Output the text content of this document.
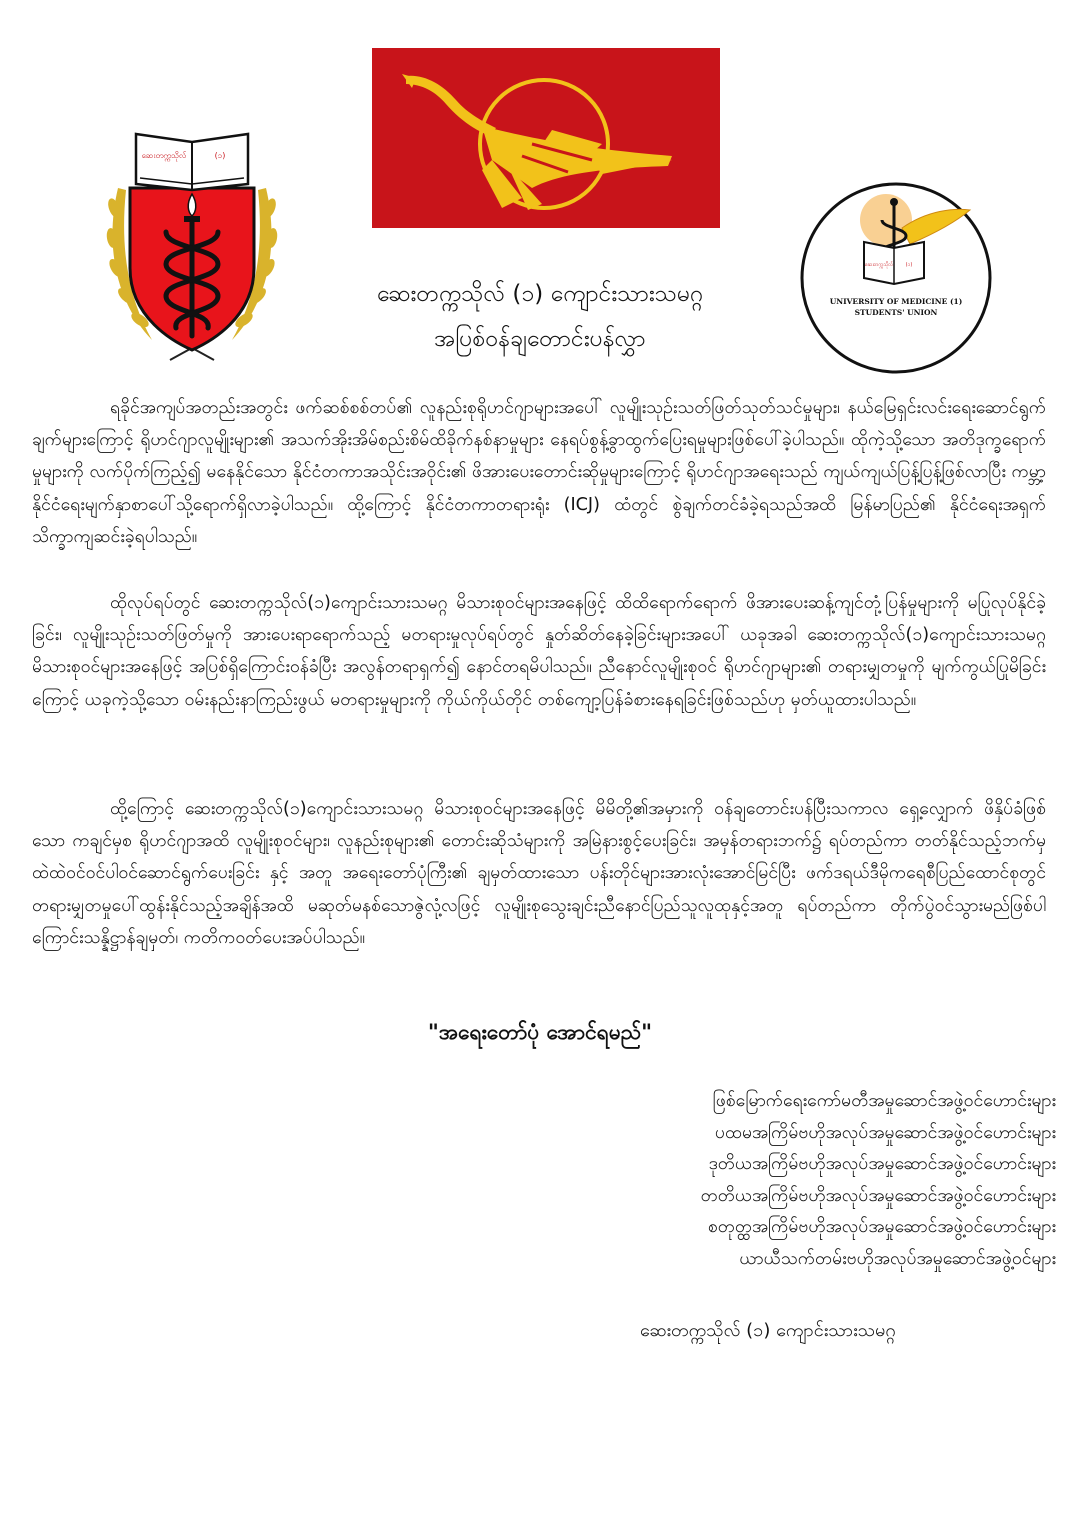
ဆေးတက္ကသိုလ်	(၁)
ဆေးတက္ကသိုလ်	(၁)
UNIVERSITY OF MEDICINE (1)
STUDENTS' UNION
ဆေးတက္ကသိုလ် (၁) ကျောင်းသားသမဂ္ဂ
အပြစ်ဝန်ချတောင်းပန်လွှာ

ရခိုင်အကျပ်အတည်းအတွင်း ဖက်ဆစ်စစ်တပ်၏ လူနည်းစုရိုဟင်ဂျာများအပေါ် လူမျိုးသုဉ်းသတ်ဖြတ်သုတ်သင်မှုများ၊ နယ်မြေရှင်းလင်းရေးဆောင်ရွက်ချက်များကြောင့် ရိုဟင်ဂျာလူမျိုးများ၏ အသက်အိုးအိမ်စည်းစိမ်ထိခိုက်နစ်နာမှုများ နေရပ်စွန့်ခွာထွက်ပြေးရမှုများဖြစ်ပေါ်ခဲ့ပါသည်။ ထိုကဲ့သို့သော အတိဒုက္ခရောက်မှုများကို လက်ပိုက်ကြည့်၍ မနေနိုင်သော နိုင်ငံတကာအသိုင်းအဝိုင်း၏ ဖိအားပေးတောင်းဆိုမှုများကြောင့် ရိုဟင်ဂျာအရေးသည် ကျယ်ကျယ်ပြန့်ပြန့်ဖြစ်လာပြီး ကမ္ဘာ့နိုင်ငံရေးမျက်နှာစာပေါ်သို့ရောက်ရှိလာခဲ့ပါသည်။ ထို့ကြောင့် နိုင်ငံတကာတရားရုံး (ICJ) ထံတွင် စွဲချက်တင်ခံခဲ့ရသည်အထိ မြန်မာပြည်၏ နိုင်ငံရေးအရှက်သိက္ခာကျဆင်းခဲ့ရပါသည်။

ထိုလုပ်ရပ်တွင် ဆေးတက္ကသိုလ်(၁)ကျောင်းသားသမဂ္ဂ မိသားစုဝင်များအနေဖြင့် ထိထိရောက်ရောက် ဖိအားပေးဆန့်ကျင်တုံ့ပြန်မှုများကို မပြုလုပ်နိုင်ခဲ့ခြင်း၊ လူမျိုးသုဉ်းသတ်ဖြတ်မှုကို အားပေးရာရောက်သည့် မတရားမှုလုပ်ရပ်တွင် နှုတ်ဆိတ်နေခဲ့ခြင်းများအပေါ် ယခုအခါ ဆေးတက္ကသိုလ်(၁)ကျောင်းသားသမဂ္ဂမိသားစုဝင်များအနေဖြင့် အပြစ်ရှိကြောင်းဝန်ခံပြီး အလွန်တရာရှက်၍ နောင်တရမိပါသည်။ ညီနောင်လူမျိုးစုဝင် ရိုဟင်ဂျာများ၏ တရားမျှတမှုကို မျက်ကွယ်ပြုမိခြင်းကြောင့် ယခုကဲ့သို့သော ဝမ်းနည်းနာကြည်းဖွယ် မတရားမှုများကို ကိုယ်ကိုယ်တိုင် တစ်ကျော့ပြန်ခံစားနေရခြင်းဖြစ်သည်ဟု မှတ်ယူထားပါသည်။

ထို့ကြောင့် ဆေးတက္ကသိုလ်(၁)ကျောင်းသားသမဂ္ဂ မိသားစုဝင်များအနေဖြင့် မိမိတို့၏အမှားကို ဝန်ချတောင်းပန်ပြီးသကာလ ရှေ့လျှောက် ဖိနှိပ်ခံဖြစ်သော ကချင်မှစ ရိုဟင်ဂျာအထိ လူမျိုးစုဝင်များ၊ လူနည်းစုများ၏ တောင်းဆိုသံများကို အမြဲနားစွင့်ပေးခြင်း၊ အမှန်တရားဘက်၌ ရပ်တည်ကာ တတ်နိုင်သည့်ဘက်မှ ထဲထဲဝင်ဝင်ပါဝင်ဆောင်ရွက်ပေးခြင်း နှင့် အတူ အရေးတော်ပုံကြီး၏ ချမှတ်ထားသော ပန်းတိုင်များအားလုံးအောင်မြင်ပြီး ဖက်ဒရယ်ဒီမိုကရေစီပြည်ထောင်စုတွင် တရားမျှတမှုပေါ်ထွန်းနိုင်သည့်အချိန်အထိ မဆုတ်မနစ်သောဇွဲလုံ့လဖြင့် လူမျိုးစုသွေးချင်းညီနောင်ပြည်သူလူထုနှင့်အတူ ရပ်တည်ကာ တိုက်ပွဲဝင်သွားမည်ဖြစ်ပါကြောင်းသန္နိဋ္ဌာန်ချမှတ်၊ ကတိကဝတ်ပေးအပ်ပါသည်။

"အရေးတော်ပုံ အောင်ရမည်"
ဖြစ်မြောက်ရေးကော်မတီအမှုဆောင်အဖွဲ့ဝင်ဟောင်းများ
ပထမအကြိမ်ဗဟိုအလုပ်အမှုဆောင်အဖွဲ့ဝင်ဟောင်းများ
ဒုတိယအကြိမ်ဗဟိုအလုပ်အမှုဆောင်အဖွဲ့ဝင်ဟောင်းများ
တတိယအကြိမ်ဗဟိုအလုပ်အမှုဆောင်အဖွဲ့ဝင်ဟောင်းများ
စတုတ္ထအကြိမ်ဗဟိုအလုပ်အမှုဆောင်အဖွဲ့ဝင်ဟောင်းများ
ယာယီသက်တမ်းဗဟိုအလုပ်အမှုဆောင်အဖွဲ့ဝင်များ
ဆေးတက္ကသိုလ် (၁) ကျောင်းသားသမဂ္ဂ
